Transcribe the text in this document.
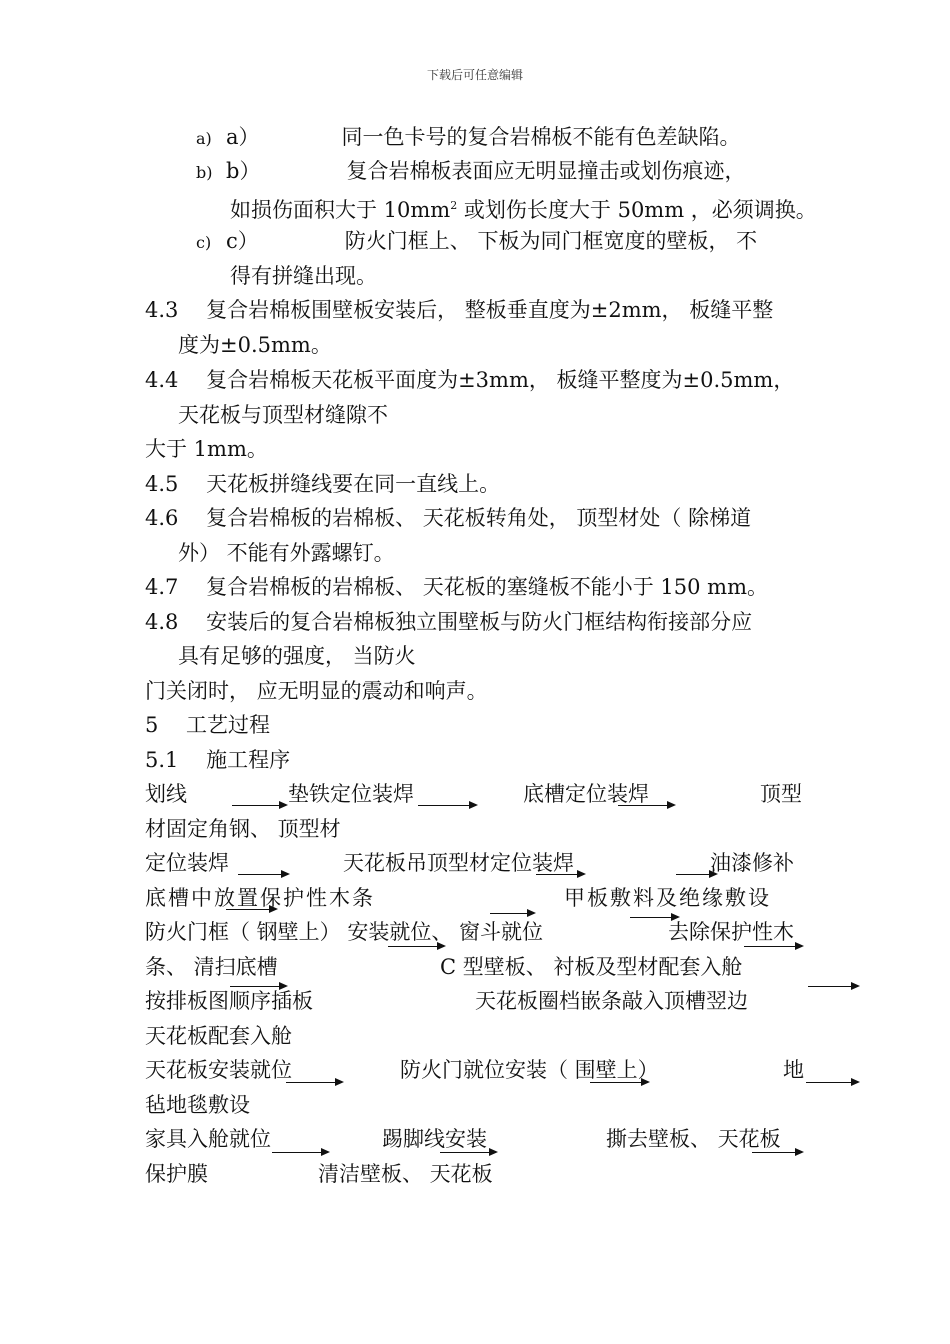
下载后可任意编辑
a) a）	同一色卡号的复合岩棉板不能有色差缺陷。
b) b）	复合岩棉板表面应无明显撞击或划伤痕迹，
如损伤面积大于 $10mm^2$ 或划伤长度大于 50mm ，必须调换。
c) c）	防火门框上、 下板为同门框宽度的壁板， 不
得有拼缝出现。
4.3　 复合岩棉板围壁板安装后， 整板垂直度为±2mm， 板缝平整
度为±0.5mm。
4.4　 复合岩棉板天花板平面度为±3mm， 板缝平整度为±0.5mm，
天花板与顶型材缝隙不
大于 1mm。
4.5　 天花板拼缝线要在同一直线上。
4.6　 复合岩棉板的岩棉板、 天花板转角处， 顶型材处（ 除梯道
外） 不能有外露螺钉。
4.7　 复合岩棉板的岩棉板、 天花板的塞缝板不能小于 150 mm。
4.8　 安装后的复合岩棉板独立围壁板与防火门框结构衔接部分应
具有足够的强度， 当防火
门关闭时， 应无明显的震动和响声。
5　 工艺过程
5.1　 施工程序
划线	垫铁定位装焊	底槽定位装焊	顶型
材固定角钢、 顶型材
定位装焊	天花板吊顶型材定位装焊	油漆修补
底槽中放置保护性木条	甲板敷料及绝缘敷设
防火门框（ 钢壁上） 安装就位、 窗斗就位	去除保护性木
条、 清扫底槽	C 型壁板、 衬板及型材配套入舱
按排板图顺序插板	天花板圈档嵌条敲入顶槽翌边
天花板配套入舱
天花板安装就位	防火门就位安装（ 围壁上）	地
毡地毯敷设
家具入舱就位	踢脚线安装	撕去壁板、 天花板
保护膜	清洁壁板、 天花板
